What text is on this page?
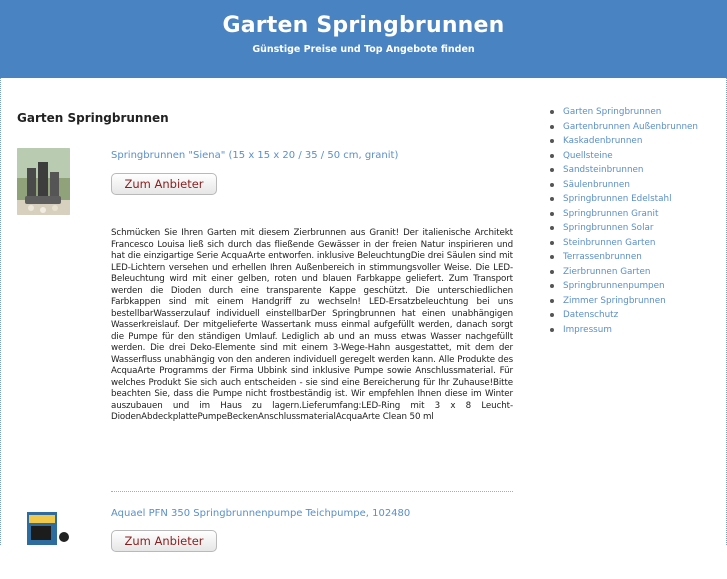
Garten Springbrunnen
Günstige Preise und Top Angebote finden
Garten Springbrunnen
Springbrunnen "Siena" (15 x 15 x 20 / 35 / 50 cm, granit)
Zum Anbieter
Schmücken Sie Ihren Garten mit diesem Zierbrunnen aus Granit! Der italienische Architekt Francesco Louisa ließ sich durch das fließende Gewässer in der freien Natur inspirieren und hat die einzigartige Serie AcquaArte entworfen. inklusive BeleuchtungDie drei Säulen sind mit LED-Lichtern versehen und erhellen Ihren Außenbereich in stimmungsvoller Weise. Die LED-Beleuchtung wird mit einer gelben, roten und blauen Farbkappe geliefert. Zum Transport werden die Dioden durch eine transparente Kappe geschützt. Die unterschiedlichen Farbkappen sind mit einem Handgriff zu wechseln! LED-Ersatzbeleuchtung bei uns bestellbarWasserzulauf individuell einstellbarDer Springbrunnen hat einen unabhängigen Wasserkreislauf. Der mitgelieferte Wassertank muss einmal aufgefüllt werden, danach sorgt die Pumpe für den ständigen Umlauf. Lediglich ab und an muss etwas Wasser nachgefüllt werden. Die drei Deko-Elemente sind mit einem 3-Wege-Hahn ausgestattet, mit dem der Wasserfluss unabhängig von den anderen individuell geregelt werden kann. Alle Produkte des AcquaArte Programms der Firma Ubbink sind inklusive Pumpe sowie Anschlussmaterial. Für welches Produkt Sie sich auch entscheiden - sie sind eine Bereicherung für Ihr Zuhause!Bitte beachten Sie, dass die Pumpe nicht frostbeständig ist. Wir empfehlen Ihnen diese im Winter auszubauen und im Haus zu lagern.Lieferumfang:LED-Ring mit 3 x 8 Leucht-DiodenAbdeckplattePumpeBeckenAnschlussmaterialAcquaArte Clean 50 ml
Aquael PFN 350 Springbrunnenpumpe Teichpumpe, 102480
Zum Anbieter
Garten Springbrunnen
Gartenbrunnen Außenbrunnen
Kaskadenbrunnen
Quellsteine
Sandsteinbrunnen
Säulenbrunnen
Springbrunnen Edelstahl
Springbrunnen Granit
Springbrunnen Solar
Steinbrunnen Garten
Terrassenbrunnen
Zierbrunnen Garten
Springbrunnenpumpen
Zimmer Springbrunnen
Datenschutz
Impressum
